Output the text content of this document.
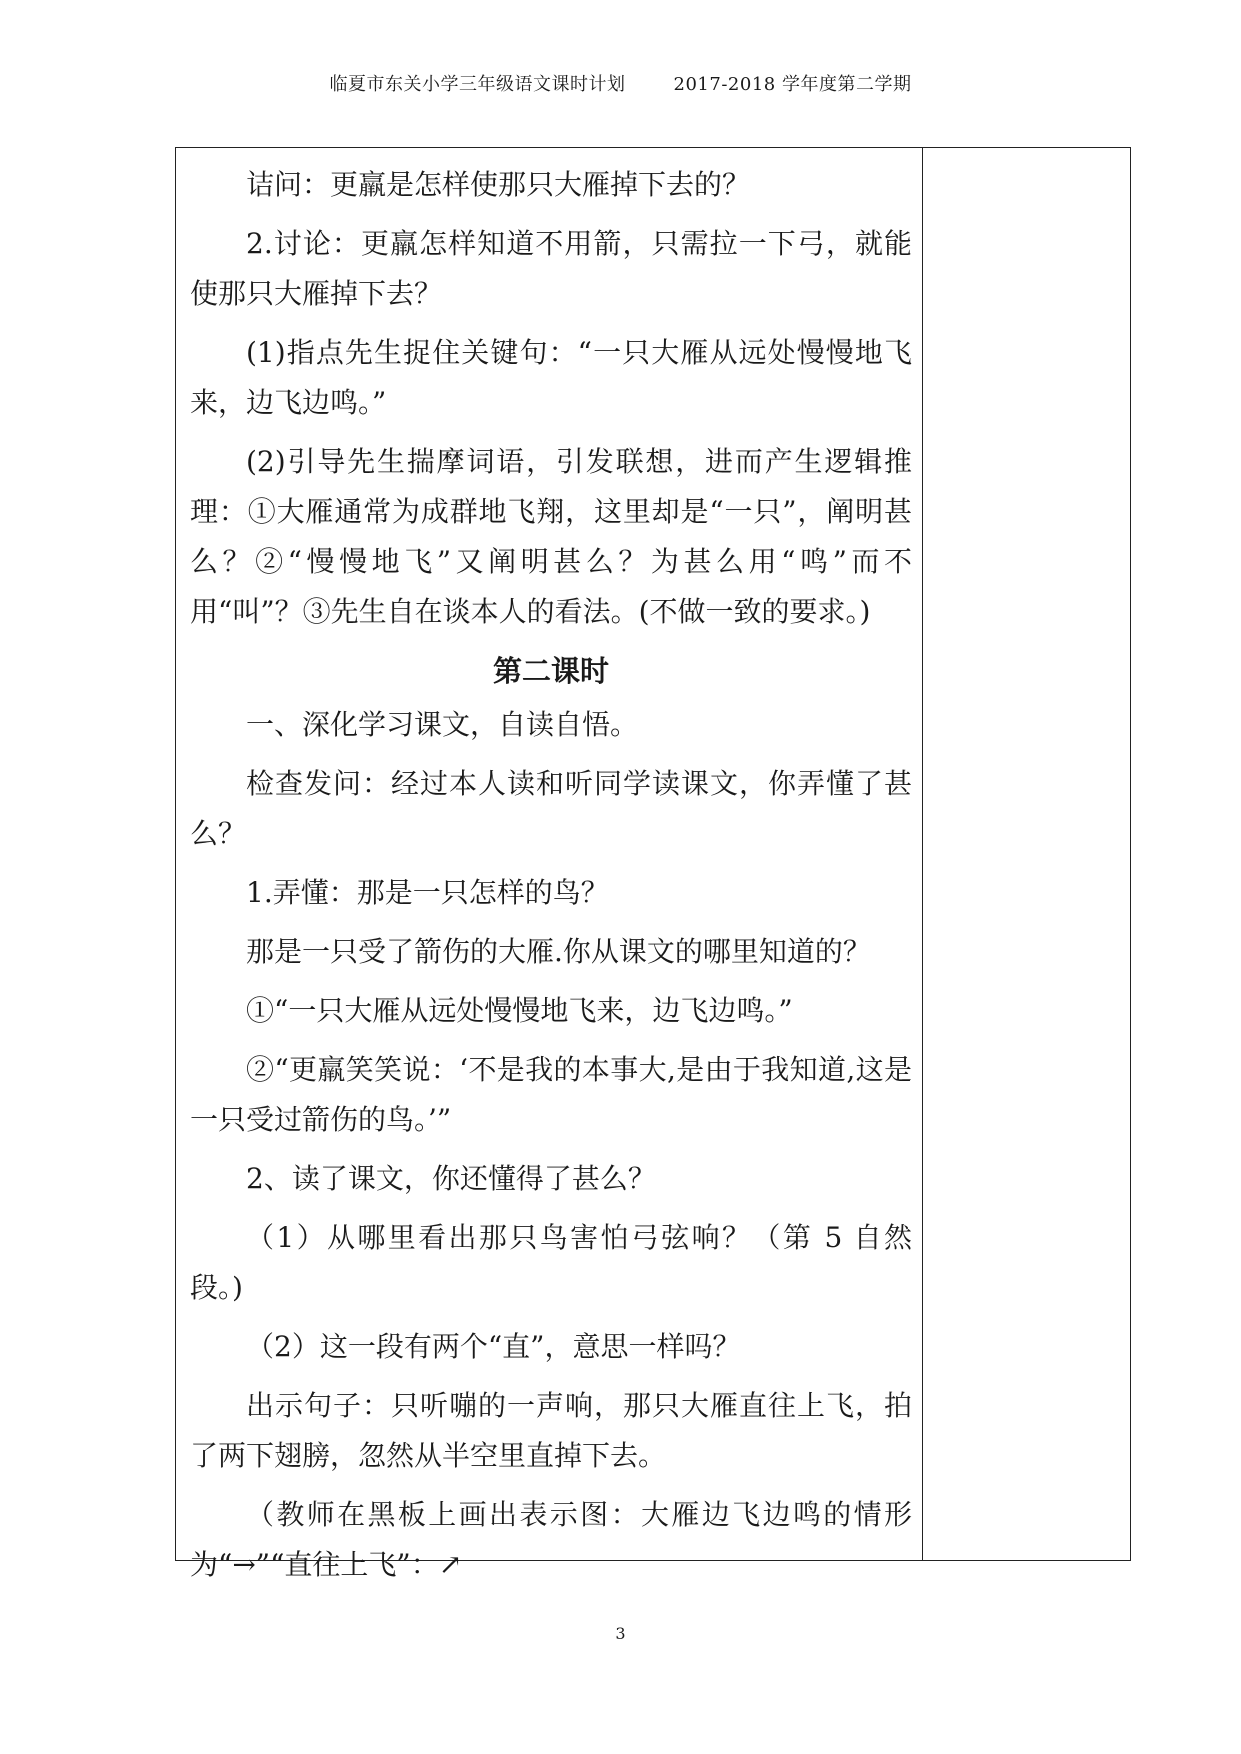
临夏市东关小学三年级语文课时计划	2017-2018 学年度第二学期

诘问：更羸是怎样使那只大雁掉下去的？

2.讨论：更羸怎样知道不用箭，只需拉一下弓，就能使那只大雁掉下去？

(1)指点先生捉住关键句：“一只大雁从远处慢慢地飞来，边飞边鸣。”

(2)引导先生揣摩词语，引发联想，进而产生逻辑推理：①大雁通常为成群地飞翔，这里却是“一只”，阐明甚么？②“慢慢地飞”又阐明甚么？为甚么用“鸣”而不用“叫”？③先生自在谈本人的看法。(不做一致的要求。)

第二课时

一、深化学习课文，自读自悟。

检查发问：经过本人读和听同学读课文，你弄懂了甚么？

1.弄懂：那是一只怎样的鸟？

那是一只受了箭伤的大雁.你从课文的哪里知道的？

①“一只大雁从远处慢慢地飞来，边飞边鸣。”

②“更羸笑笑说：‘不是我的本事大,是由于我知道,这是一只受过箭伤的鸟。’”

2、读了课文，你还懂得了甚么？

（1）从哪里看出那只鸟害怕弓弦响？（第 5 自然段。)

（2）这一段有两个“直”，意思一样吗？

出示句子：只听嘣的一声响，那只大雁直往上飞，拍了两下翅膀，忽然从半空里直掉下去。

（教师在黑板上画出表示图：大雁边飞边鸣的情形为“→”“直往上飞”：↗

3
